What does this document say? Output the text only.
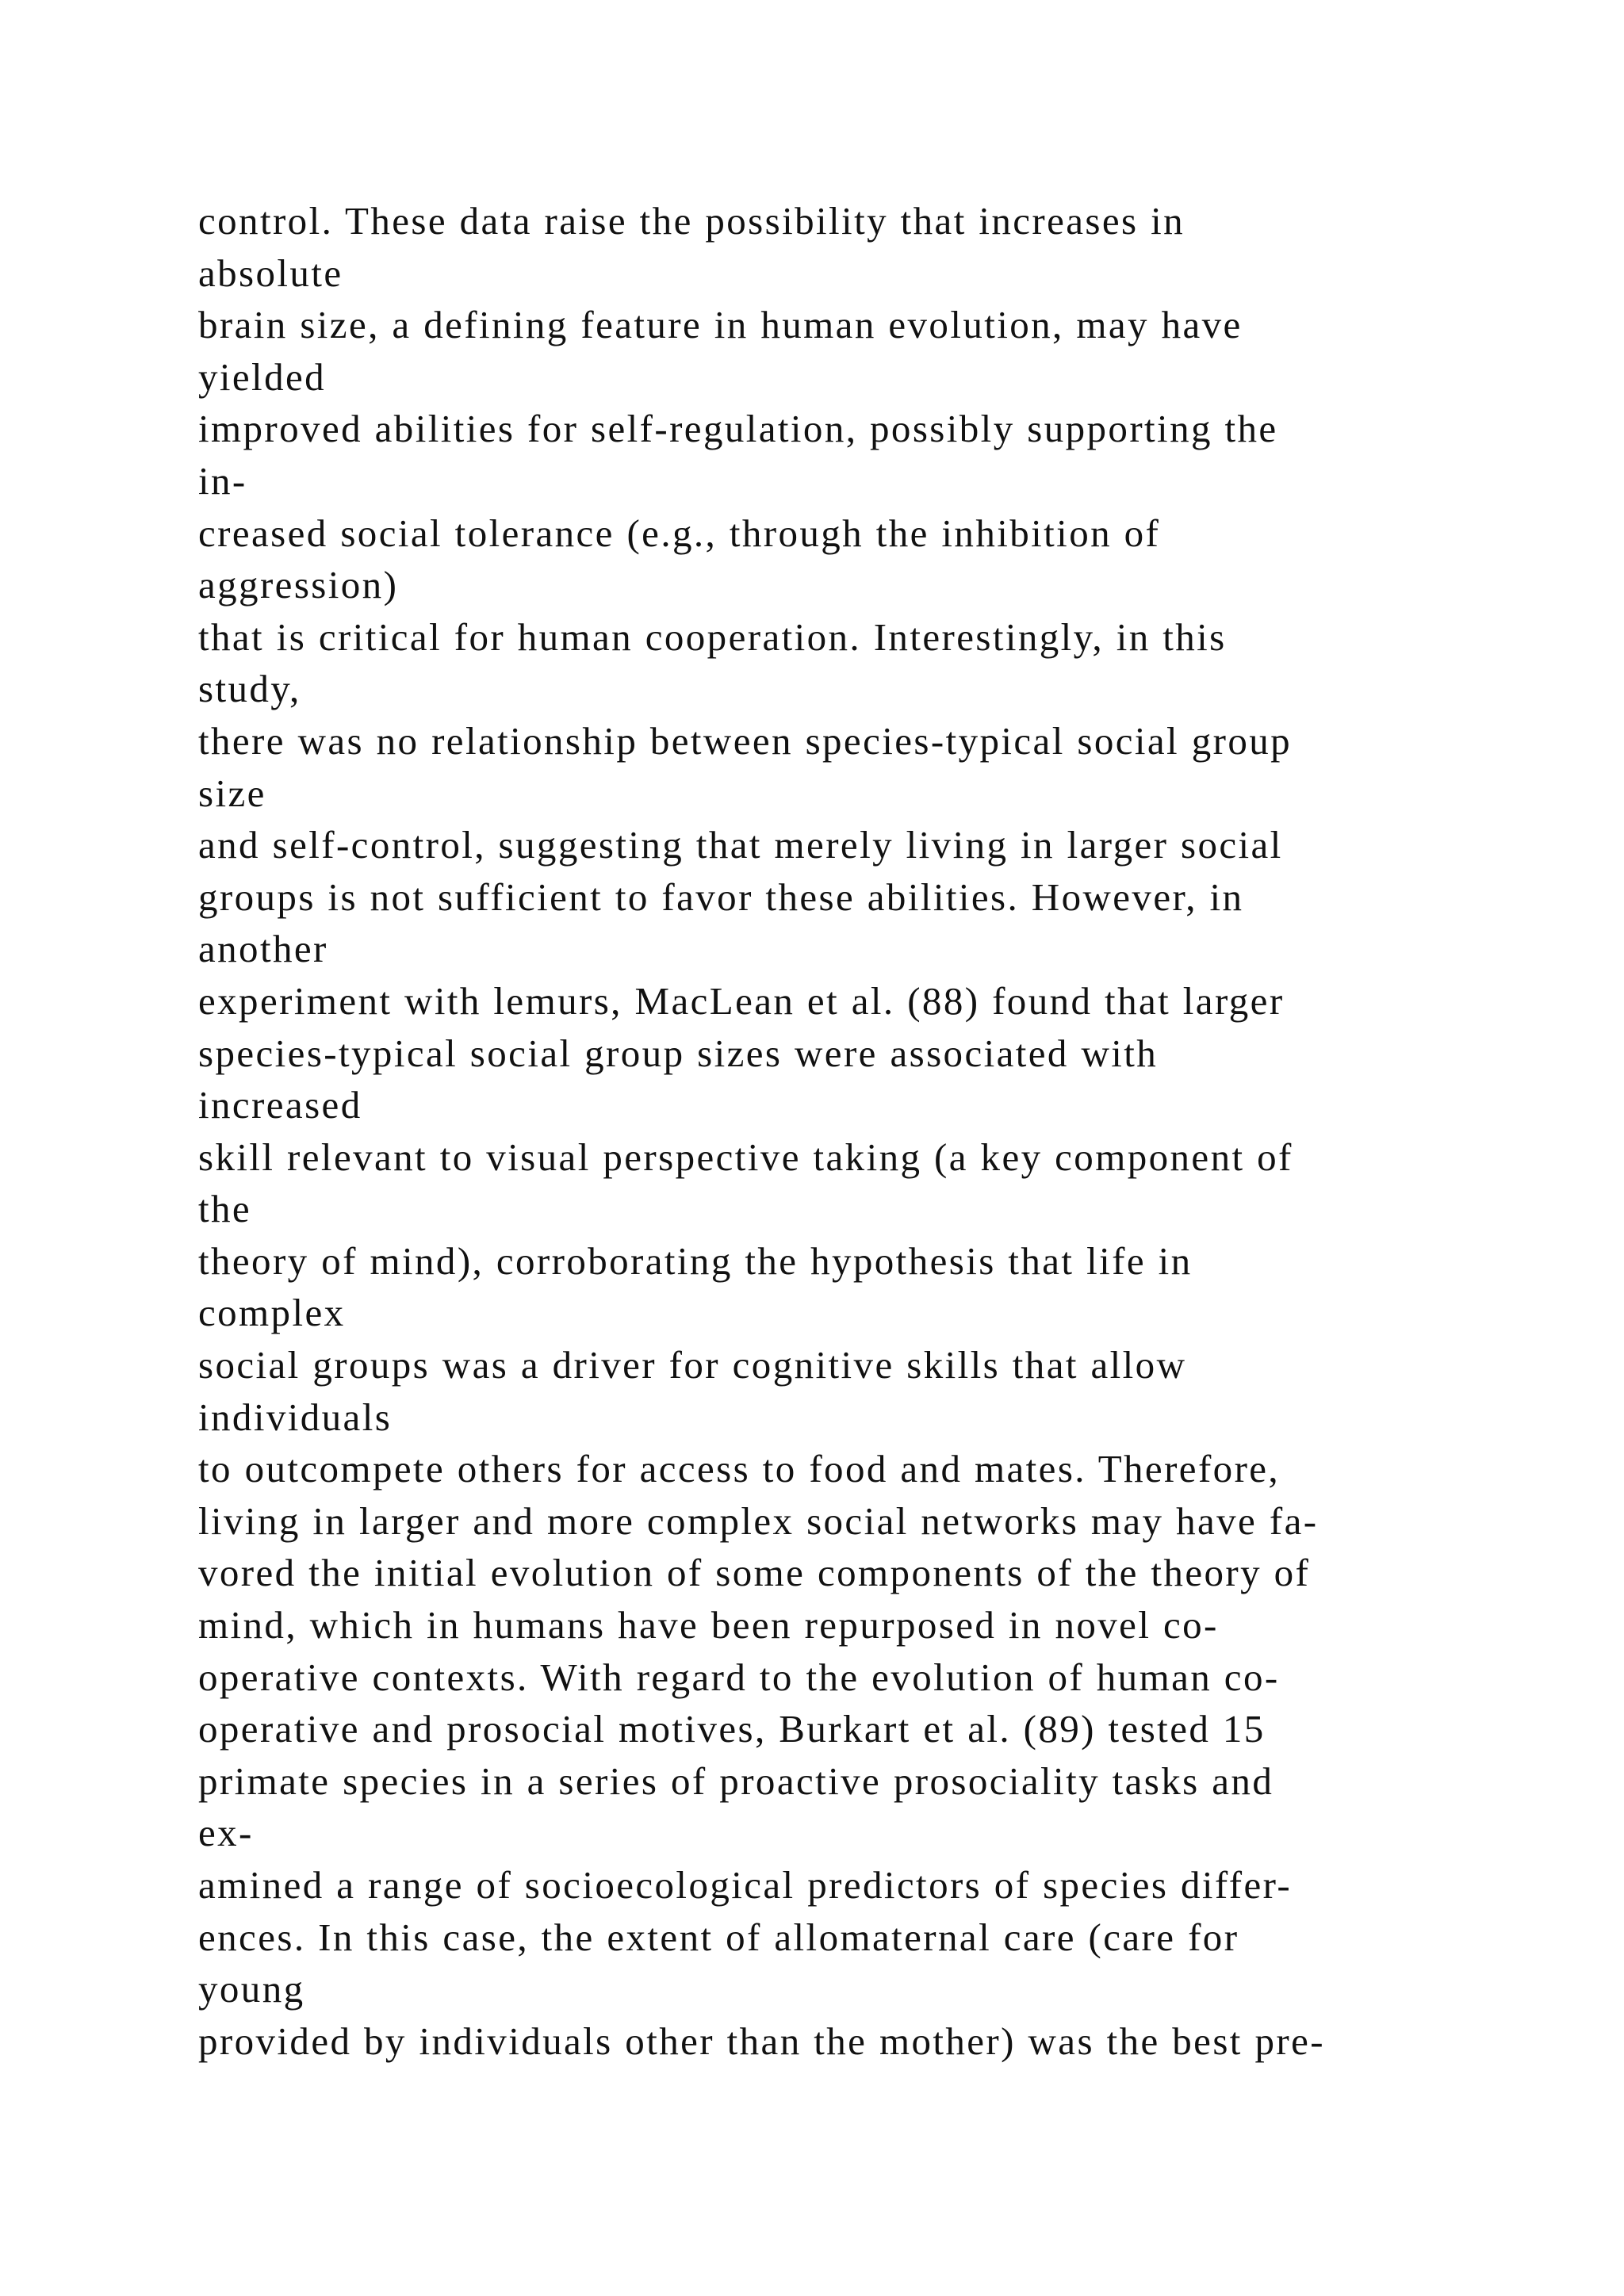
control. These data raise the possibility that increases in
absolute
brain size, a defining feature in human evolution, may have
yielded
improved abilities for self-regulation, possibly supporting the
in-
creased social tolerance (e.g., through the inhibition of
aggression)
that is critical for human cooperation. Interestingly, in this
study,
there was no relationship between species-typical social group
size
and self-control, suggesting that merely living in larger social
groups is not sufficient to favor these abilities. However, in
another
experiment with lemurs, MacLean et al. (88) found that larger
species-typical social group sizes were associated with
increased
skill relevant to visual perspective taking (a key component of
the
theory of mind), corroborating the hypothesis that life in
complex
social groups was a driver for cognitive skills that allow
individuals
to outcompete others for access to food and mates. Therefore,
living in larger and more complex social networks may have fa-
vored the initial evolution of some components of the theory of
mind, which in humans have been repurposed in novel co-
operative contexts. With regard to the evolution of human co-
operative and prosocial motives, Burkart et al. (89) tested 15
primate species in a series of proactive prosociality tasks and
ex-
amined a range of socioecological predictors of species differ-
ences. In this case, the extent of allomaternal care (care for
young
provided by individuals other than the mother) was the best pre-
